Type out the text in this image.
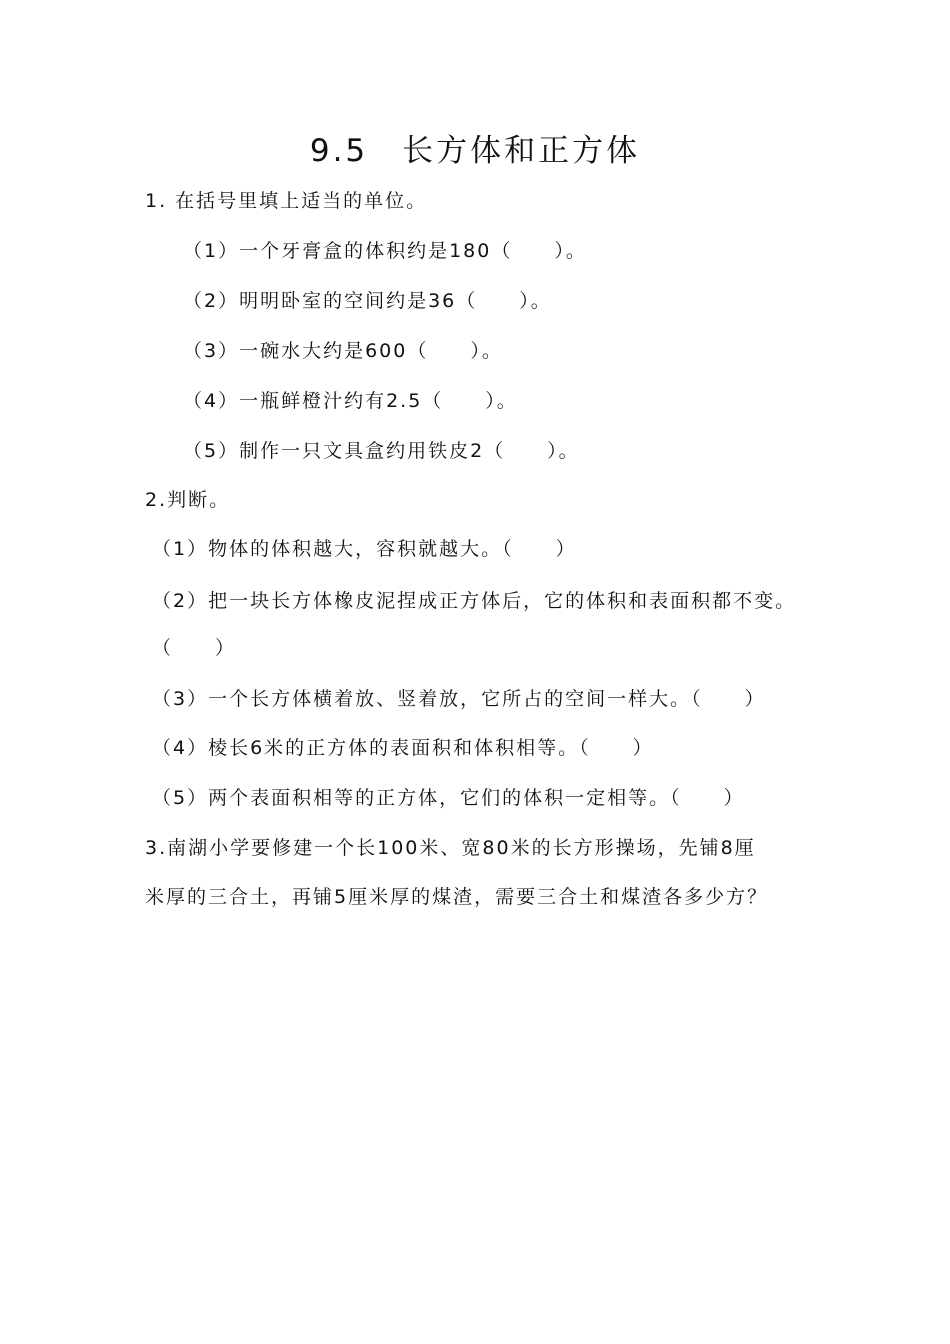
9.5　长方体和正方体
1. 在括号里填上适当的单位。
（1）一个牙膏盒的体积约是180（　　）。
（2）明明卧室的空间约是36（　　）。
（3）一碗水大约是600（　　）。
（4）一瓶鲜橙汁约有2.5（　　）。
（5）制作一只文具盒约用铁皮2（　　）。
2.判断。
（1）物体的体积越大，容积就越大。（　　）
（2）把一块长方体橡皮泥捏成正方体后，它的体积和表面积都不变。
（　　）
（3）一个长方体横着放、竖着放，它所占的空间一样大。（　　）
（4）棱长6米的正方体的表面积和体积相等。（　　）
（5）两个表面积相等的正方体，它们的体积一定相等。（　　）
3.南湖小学要修建一个长100米、宽80米的长方形操场，先铺8厘
米厚的三合土，再铺5厘米厚的煤渣，需要三合土和煤渣各多少方？
